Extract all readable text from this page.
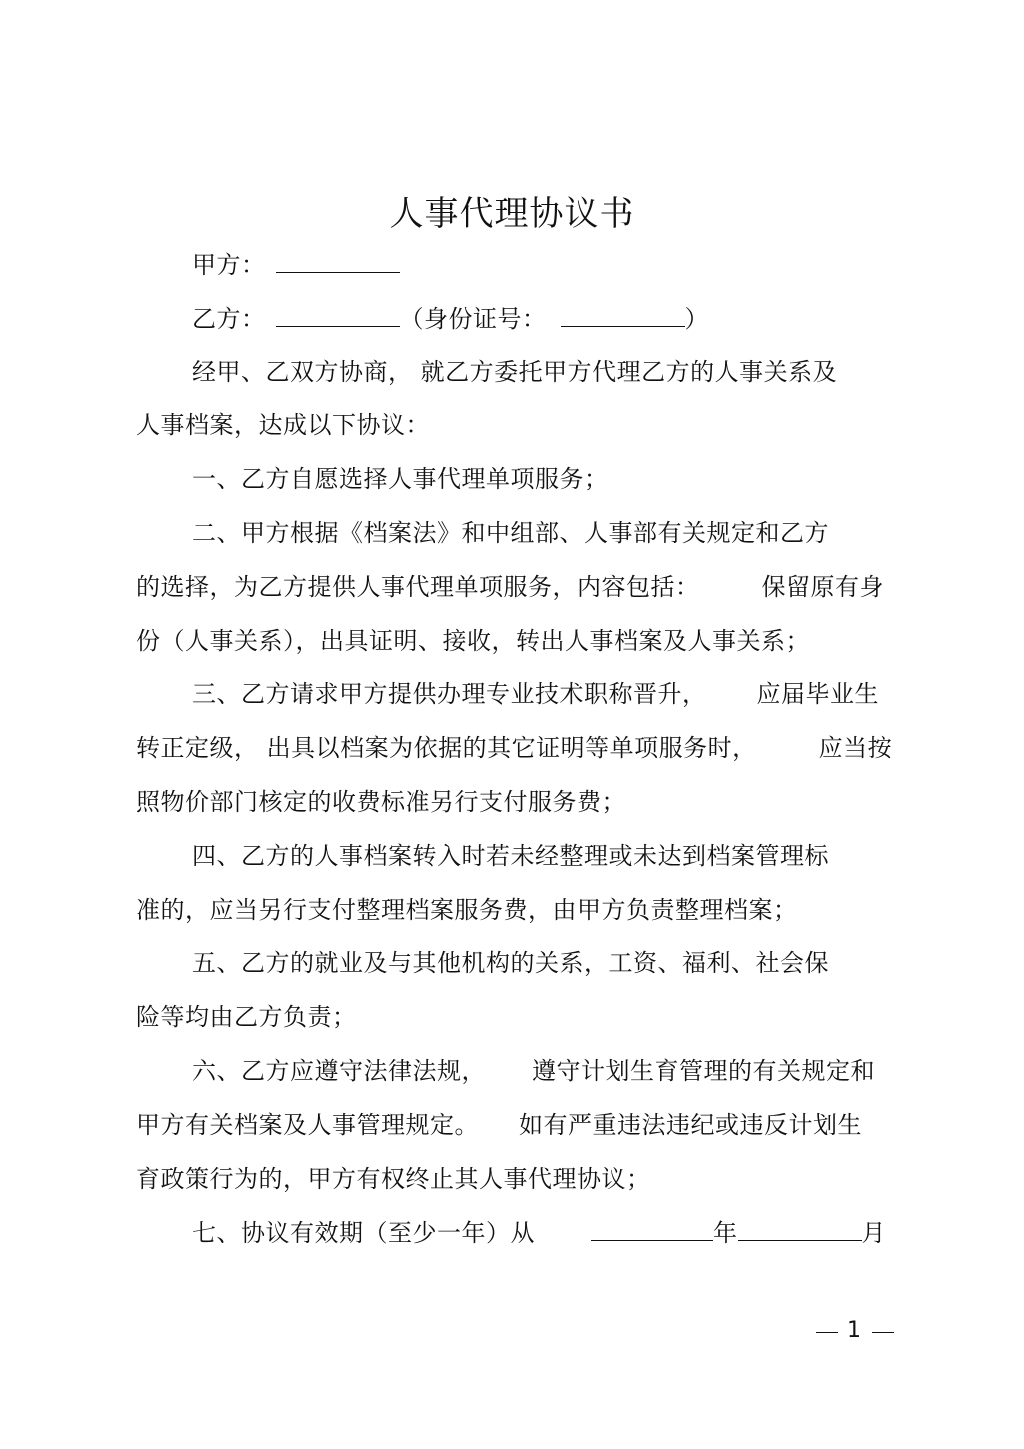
人事代理协议书
甲方：
乙方：	（身份证号：	）
经甲、乙双方协商， 就乙方委托甲方代理乙方的人事关系及
人事档案，达成以下协议：
一、乙方自愿选择人事代理单项服务；
二、甲方根据《档案法》和中组部、人事部有关规定和乙方
的选择，为乙方提供人事代理单项服务，内容包括：	保留原有身
份（人事关系），出具证明、接收，转出人事档案及人事关系；
三、乙方请求甲方提供办理专业技术职称晋升， 应届毕业生
转正定级， 出具以档案为依据的其它证明等单项服务时，	应当按
照物价部门核定的收费标准另行支付服务费；
四、乙方的人事档案转入时若未经整理或未达到档案管理标
准的，应当另行支付整理档案服务费，由甲方负责整理档案；
五、乙方的就业及与其他机构的关系，工资、福利、社会保
险等均由乙方负责；
六、乙方应遵守法律法规， 遵守计划生育管理的有关规定和
甲方有关档案及人事管理规定。 如有严重违法违纪或违反计划生
育政策行为的，甲方有权终止其人事代理协议；
七、协议有效期（至少一年）从	年	月
1
